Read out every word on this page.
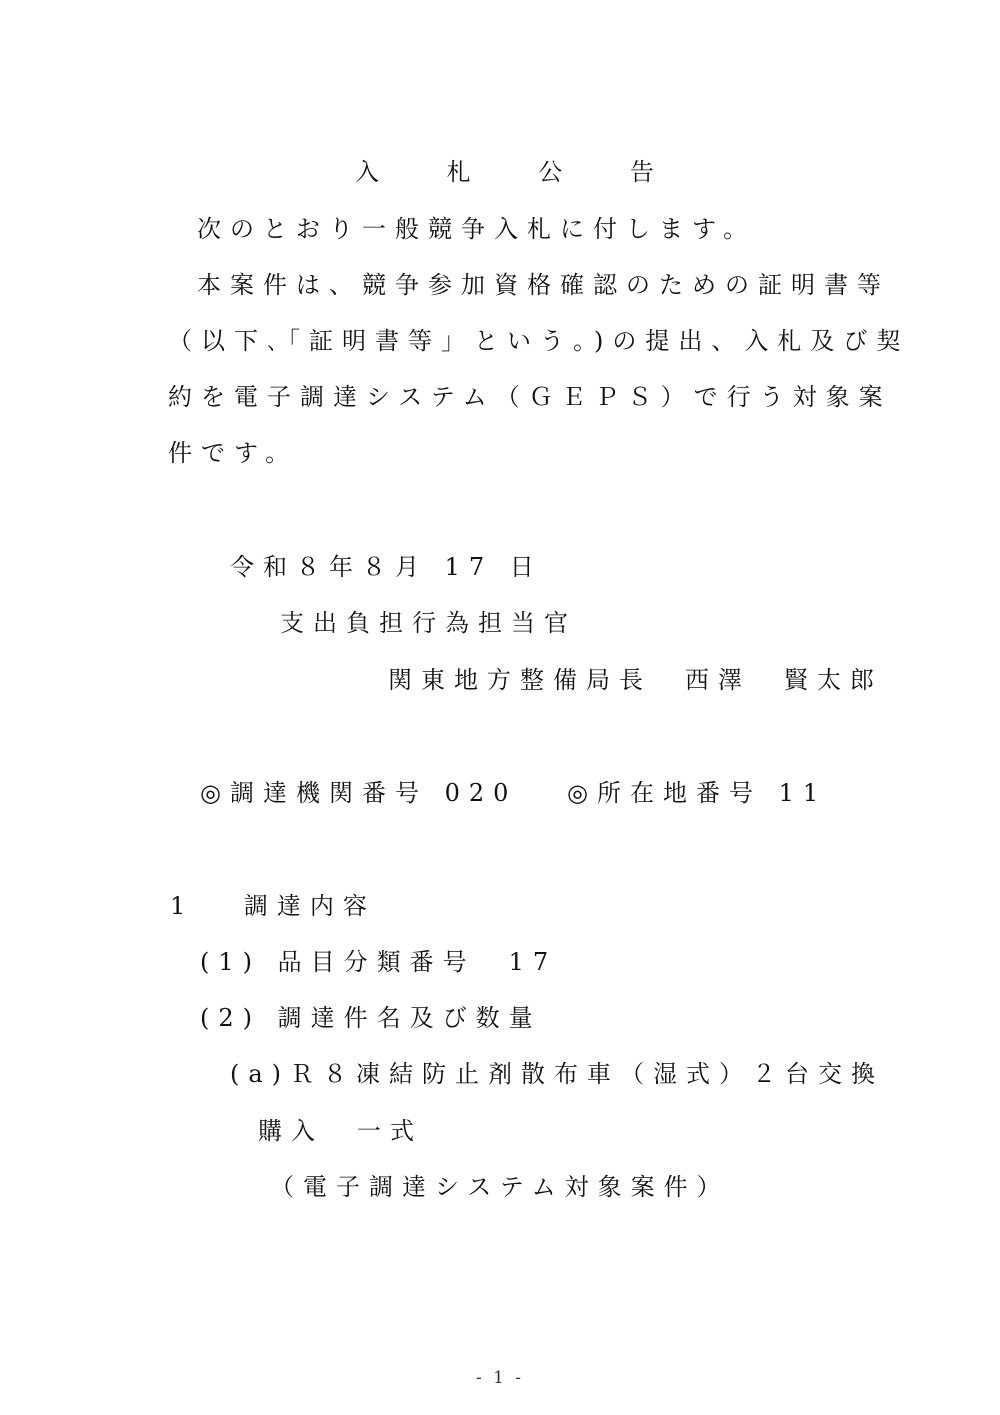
入 札 公 告
次のとおり一般競争入札に付します。
本案件は、競争参加資格確認のための証明書等
（以下､｢証明書等」という｡)の提出、入札及び契
約を電子調達システム（ＧＥＰＳ）で行う対象案
件です。
令和８年８月 17 日
支出負担行為担当官
関東地方整備局長　西澤　賢太郎
◎調達機関番号 020　 ◎所在地番号 11
1　 調達内容
(1) 品目分類番号　17
(2) 調達件名及び数量
(a)Ｒ８凍結防止剤散布車（湿式）２台交換
購入　一式
（電子調達システム対象案件）
- 1 -
